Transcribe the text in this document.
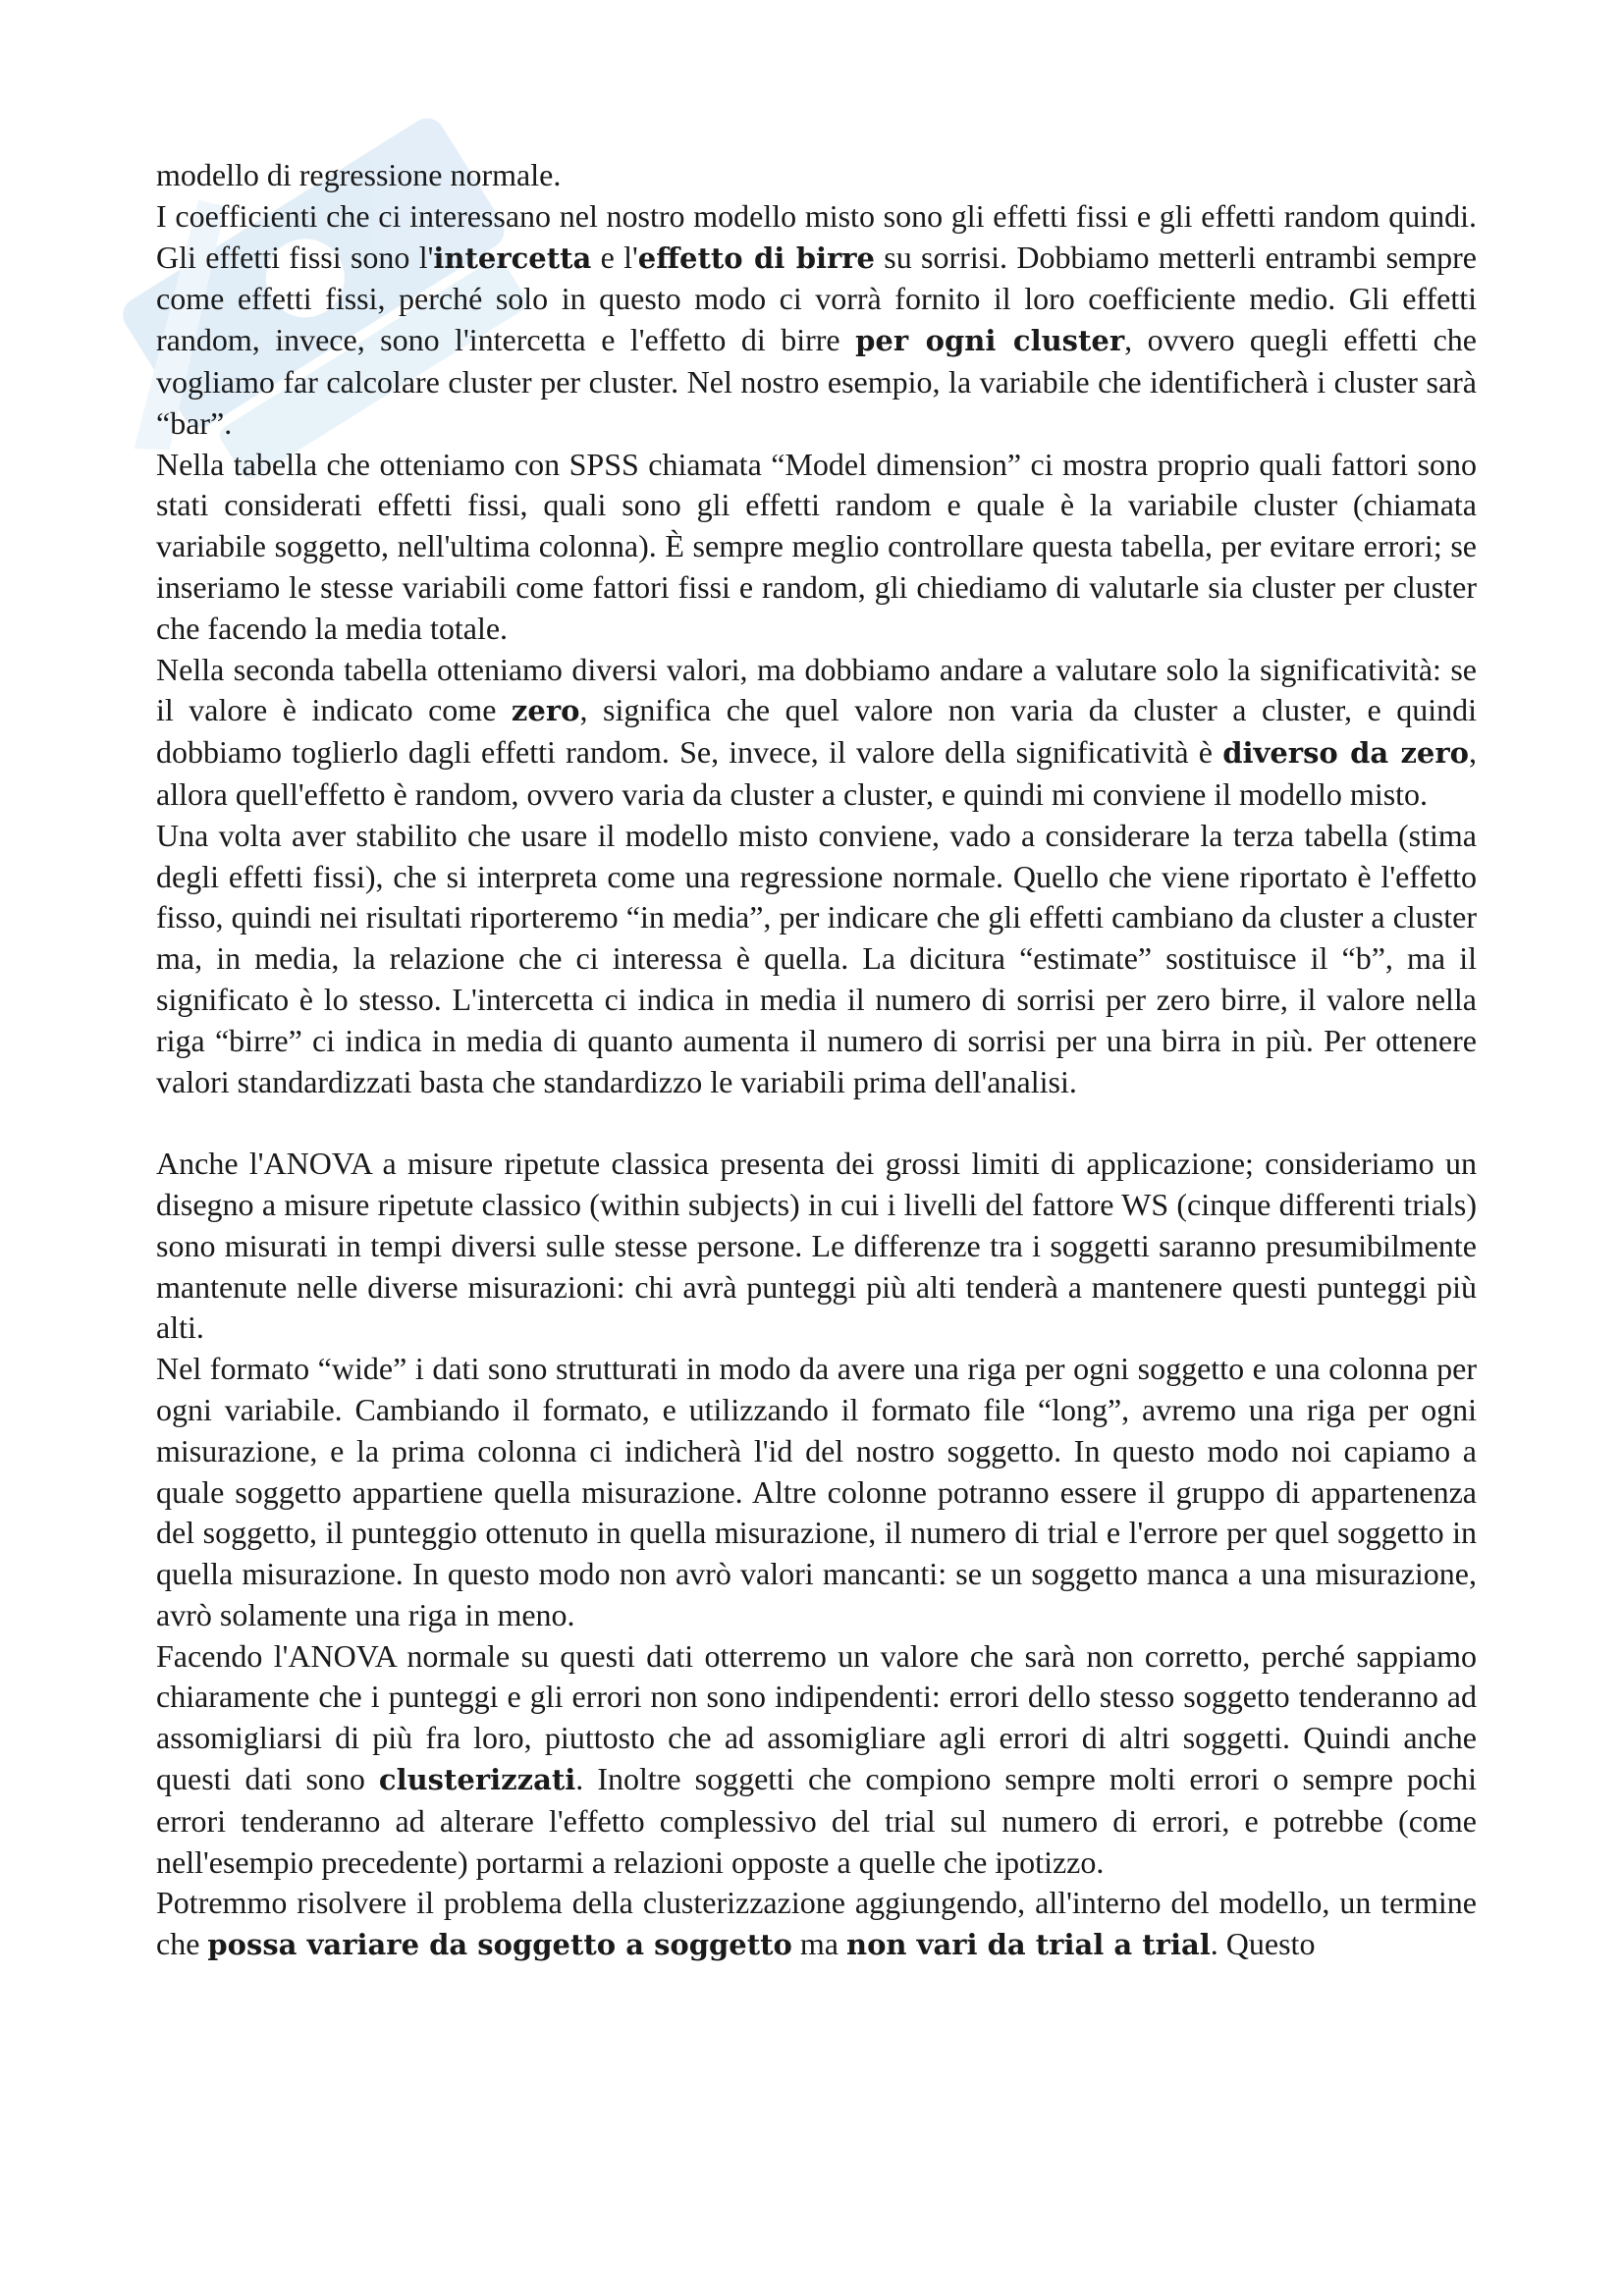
modello di regressione normale.

I coefficienti che ci interessano nel nostro modello misto sono gli effetti fissi e gli effetti random quindi. Gli effetti fissi sono l'intercetta e l'effetto di birre su sorrisi. Dobbiamo metterli entrambi sempre come effetti fissi, perché solo in questo modo ci vorrà fornito il loro coefficiente medio. Gli effetti random, invece, sono l'intercetta e l'effetto di birre per ogni cluster, ovvero quegli effetti che vogliamo far calcolare cluster per cluster. Nel nostro esempio, la variabile che identificherà i cluster sarà “bar”.

Nella tabella che otteniamo con SPSS chiamata “Model dimension” ci mostra proprio quali fattori sono stati considerati effetti fissi, quali sono gli effetti random e quale è la variabile cluster (chiamata variabile soggetto, nell'ultima colonna). È sempre meglio controllare questa tabella, per evitare errori; se inseriamo le stesse variabili come fattori fissi e random, gli chiediamo di valutarle sia cluster per cluster che facendo la media totale.

Nella seconda tabella otteniamo diversi valori, ma dobbiamo andare a valutare solo la significatività: se il valore è indicato come zero, significa che quel valore non varia da cluster a cluster, e quindi dobbiamo toglierlo dagli effetti random. Se, invece, il valore della significatività è diverso da zero, allora quell'effetto è random, ovvero varia da cluster a cluster, e quindi mi conviene il modello misto.

Una volta aver stabilito che usare il modello misto conviene, vado a considerare la terza tabella (stima degli effetti fissi), che si interpreta come una regressione normale. Quello che viene riportato è l'effetto fisso, quindi nei risultati riporteremo “in media”, per indicare che gli effetti cambiano da cluster a cluster ma, in media, la relazione che ci interessa è quella. La dicitura “estimate” sostituisce il “b”, ma il significato è lo stesso. L'intercetta ci indica in media il numero di sorrisi per zero birre, il valore nella riga “birre” ci indica in media di quanto aumenta il numero di sorrisi per una birra in più. Per ottenere valori standardizzati basta che standardizzo le variabili prima dell'analisi.

Anche l'ANOVA a misure ripetute classica presenta dei grossi limiti di applicazione; consideriamo un disegno a misure ripetute classico (within subjects) in cui i livelli del fattore WS (cinque differenti trials) sono misurati in tempi diversi sulle stesse persone. Le differenze tra i soggetti saranno presumibilmente mantenute nelle diverse misurazioni: chi avrà punteggi più alti tenderà a mantenere questi punteggi più alti.

Nel formato “wide” i dati sono strutturati in modo da avere una riga per ogni soggetto e una colonna per ogni variabile. Cambiando il formato, e utilizzando il formato file “long”, avremo una riga per ogni misurazione, e la prima colonna ci indicherà l'id del nostro soggetto. In questo modo noi capiamo a quale soggetto appartiene quella misurazione. Altre colonne potranno essere il gruppo di appartenenza del soggetto, il punteggio ottenuto in quella misurazione, il numero di trial e l'errore per quel soggetto in quella misurazione. In questo modo non avrò valori mancanti: se un soggetto manca a una misurazione, avrò solamente una riga in meno.

Facendo l'ANOVA normale su questi dati otterremo un valore che sarà non corretto, perché sappiamo chiaramente che i punteggi e gli errori non sono indipendenti: errori dello stesso soggetto tenderanno ad assomigliarsi di più fra loro, piuttosto che ad assomigliare agli errori di altri soggetti. Quindi anche questi dati sono clusterizzati. Inoltre soggetti che compiono sempre molti errori o sempre pochi errori tenderanno ad alterare l'effetto complessivo del trial sul numero di errori, e potrebbe (come nell'esempio precedente) portarmi a relazioni opposte a quelle che ipotizzo.

Potremmo risolvere il problema della clusterizzazione aggiungendo, all'interno del modello, un termine che possa variare da soggetto a soggetto ma non vari da trial a trial. Questo
